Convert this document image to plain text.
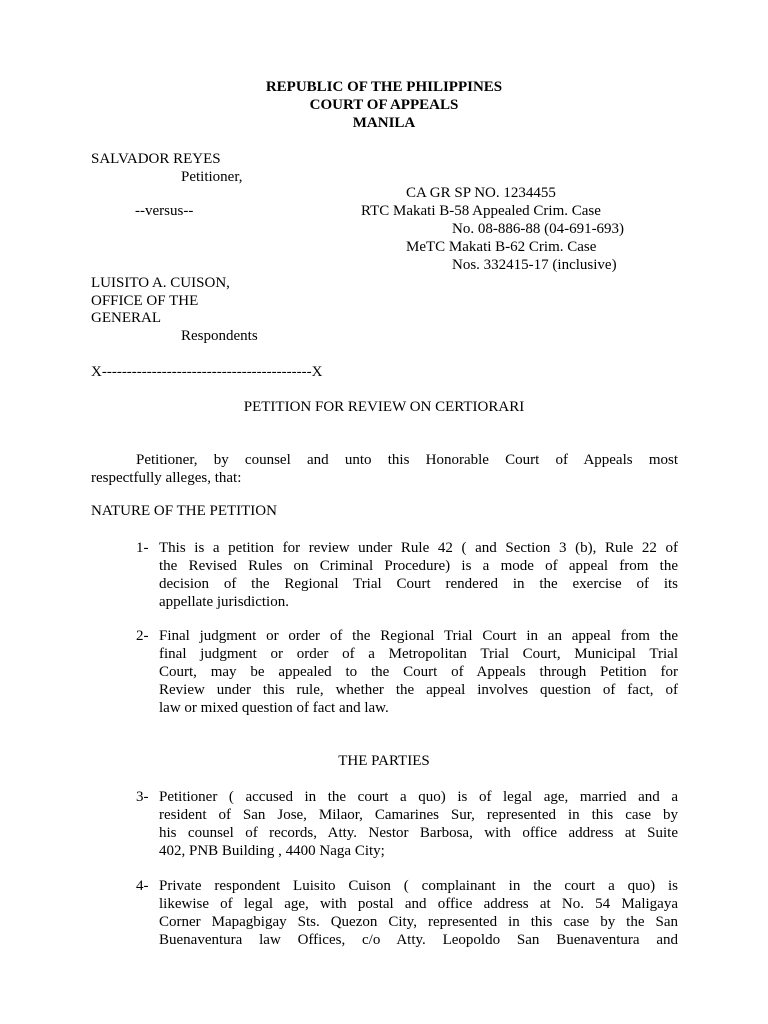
REPUBLIC OF THE PHILIPPINES
COURT OF APPEALS
MANILA
SALVADOR REYES
Petitioner,
CA GR SP NO. 1234455
--versus--	RTC Makati B-58 Appealed Crim. Case
No. 08-886-88 (04-691-693)
MeTC Makati B-62 Crim. Case
Nos. 332415-17 (inclusive)
LUISITO A. CUISON,
OFFICE OF THE
GENERAL
Respondents
X------------------------------------------X
PETITION FOR REVIEW ON CERTIORARI
Petitioner, by counsel and unto this Honorable Court of Appeals most
respectfully alleges, that:
NATURE OF THE PETITION
1- This is a petition for review under Rule 42 ( and Section 3 (b), Rule 22 of
the Revised Rules on Criminal Procedure) is a mode of appeal from the
decision of the Regional Trial Court rendered in the exercise of its
appellate jurisdiction.
2- Final judgment or order of the Regional Trial Court in an appeal from the
final judgment or order of a Metropolitan Trial Court, Municipal Trial
Court, may be appealed to the Court of Appeals through Petition for
Review under this rule, whether the appeal involves question of fact, of
law or mixed question of fact and law.
THE PARTIES
3- Petitioner ( accused in the court a quo) is of legal age, married and a
resident of San Jose, Milaor, Camarines Sur, represented in this case by
his counsel of records, Atty. Nestor Barbosa, with office address at Suite
402, PNB Building , 4400 Naga City;
4- Private respondent Luisito Cuison ( complainant in the court a quo) is
likewise of legal age, with postal and office address at No. 54 Maligaya
Corner Mapagbigay Sts. Quezon City, represented in this case by the San
Buenaventura law Offices, c/o Atty. Leopoldo San Buenaventura and
